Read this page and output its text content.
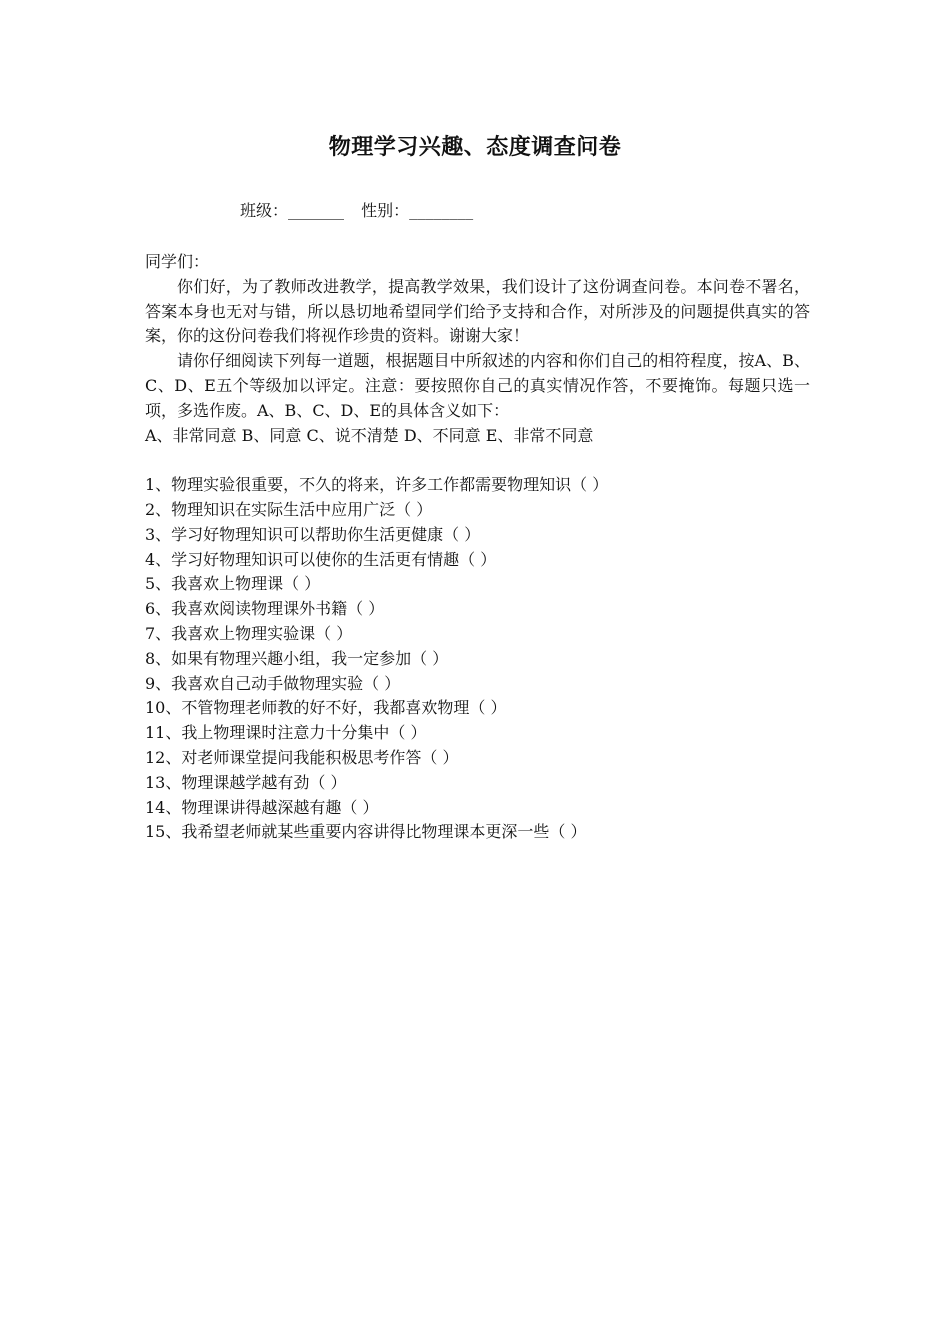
物理学习兴趣、态度调查问卷
班级：_______ 性别：________

同学们：

你们好，为了教师改进教学，提高教学效果，我们设计了这份调查问卷。本问卷不署名，答案本身也无对与错，所以恳切地希望同学们给予支持和合作，对所涉及的问题提供真实的答案，你的这份问卷我们将视作珍贵的资料。谢谢大家！

请你仔细阅读下列每一道题，根据题目中所叙述的内容和你们自己的相符程度，按A、B、C、D、E五个等级加以评定。注意：要按照你自己的真实情况作答，不要掩饰。每题只选一项，多选作废。A、B、C、D、E的具体含义如下：

A、非常同意 B、同意 C、说不清楚 D、不同意 E、非常不同意

1、物理实验很重要，不久的将来，许多工作都需要物理知识（ ）
2、物理知识在实际生活中应用广泛（ ）
3、学习好物理知识可以帮助你生活更健康（ ）
4、学习好物理知识可以使你的生活更有情趣（ ）
5、我喜欢上物理课（ ）
6、我喜欢阅读物理课外书籍（ ）
7、我喜欢上物理实验课（ ）
8、如果有物理兴趣小组，我一定参加（ ）
9、我喜欢自己动手做物理实验（ ）
10、不管物理老师教的好不好，我都喜欢物理（ ）
11、我上物理课时注意力十分集中（ ）
12、对老师课堂提问我能积极思考作答（ ）
13、物理课越学越有劲（ ）
14、物理课讲得越深越有趣（ ）
15、我希望老师就某些重要内容讲得比物理课本更深一些（ ）
